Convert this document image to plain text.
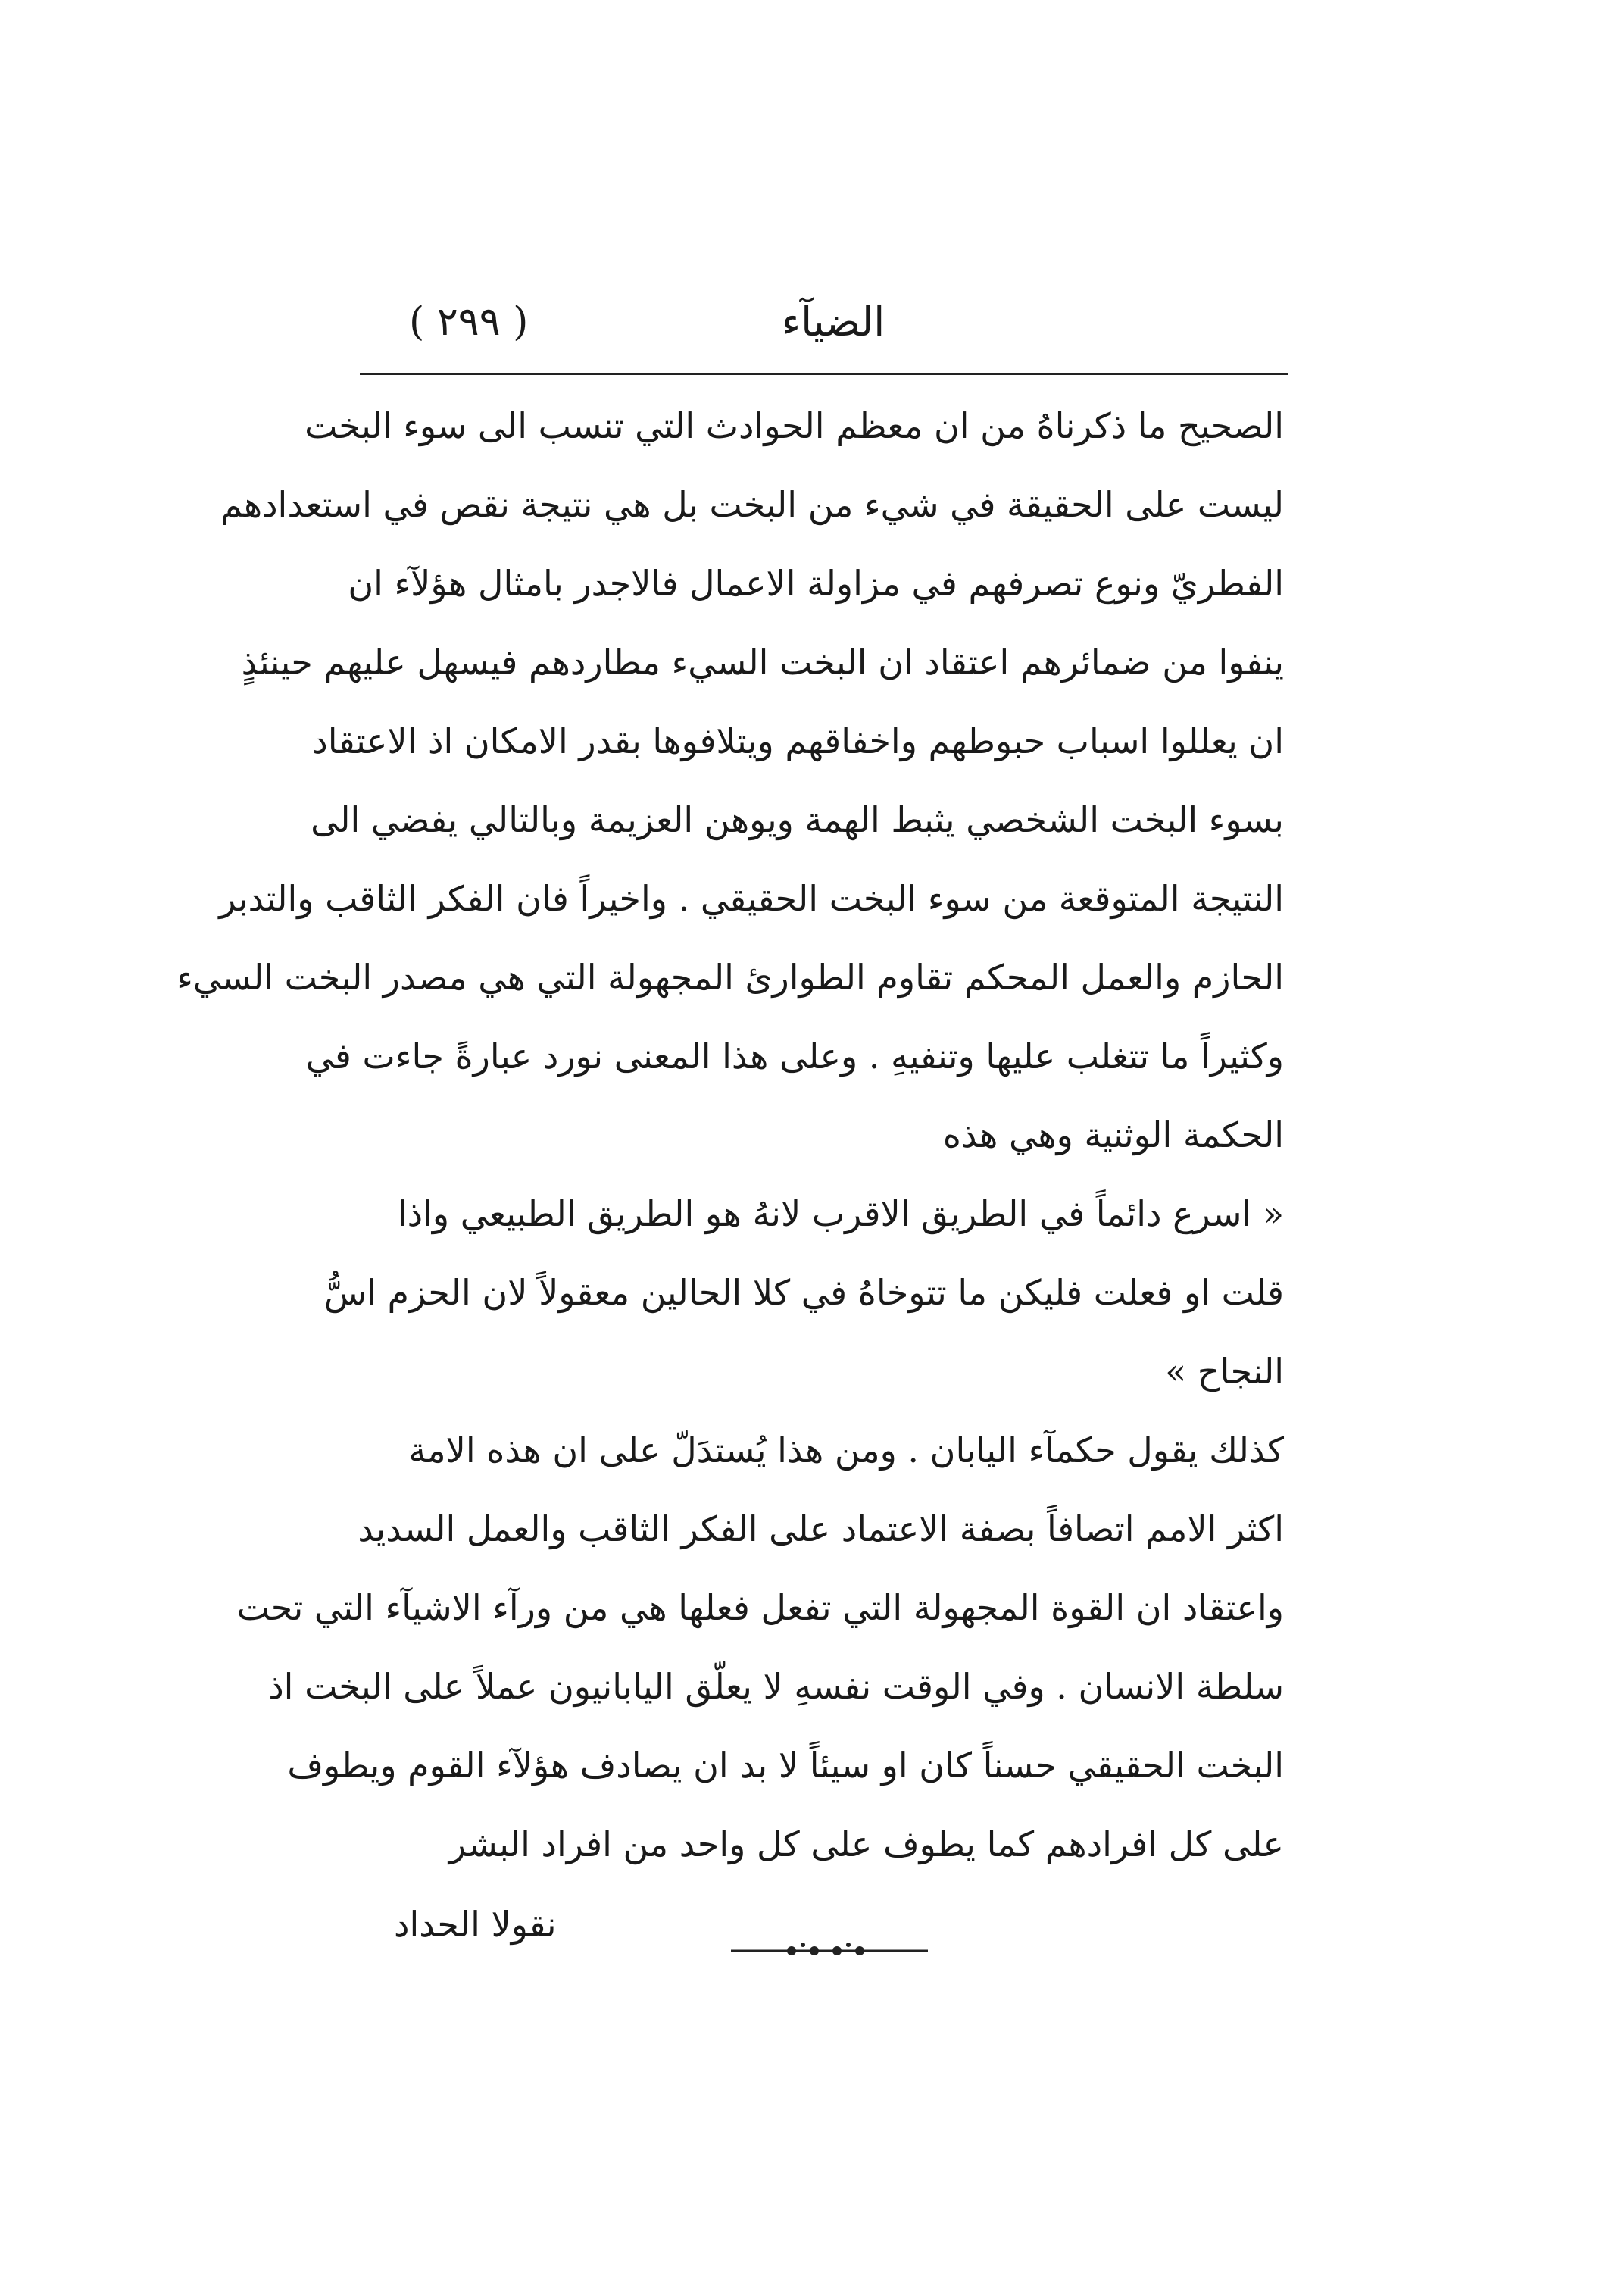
الضيآء
( ٢٩٩ )
الصحيح ما ذكرناهُ من ان معظم الحوادث التي تنسب الى سوء البخت
ليست على الحقيقة في شيء من البخت بل هي نتيجة نقص في استعدادهم
الفطريّ ونوع تصرفهم في مزاولة الاعمال فالاجدر بامثال هؤلآء ان
ينفوا من ضمائرهم اعتقاد ان البخت السيء مطاردهم فيسهل عليهم حينئذٍ
ان يعللوا اسباب حبوطهم واخفاقهم ويتلافوها بقدر الامكان اذ الاعتقاد
بسوء البخت الشخصي يثبط الهمة ويوهن العزيمة وبالتالي يفضي الى
النتيجة المتوقعة من سوء البخت الحقيقي . واخيراً فان الفكر الثاقب والتدبر
الحازم والعمل المحكم تقاوم الطوارئ المجهولة التي هي مصدر البخت السيء
وكثيراً ما تتغلب عليها وتنفيهِ . وعلى هذا المعنى نورد عبارةً جاءت في
الحكمة الوثنية وهي هذه
« اسرع دائماً في الطريق الاقرب لانهُ هو الطريق الطبيعي واذا
قلت او فعلت فليكن ما تتوخاهُ في كلا الحالين معقولاً لان الحزم اسُّ
النجاح »
كذلك يقول حكمآء اليابان . ومن هذا يُستدَلّ على ان هذه الامة
اكثر الامم اتصافاً بصفة الاعتماد على الفكر الثاقب والعمل السديد
واعتقاد ان القوة المجهولة التي تفعل فعلها هي من ورآء الاشيآء التي تحت
سلطة الانسان . وفي الوقت نفسهِ لا يعلّق اليابانيون عملاً على البخت اذ
البخت الحقيقي حسناً كان او سيئاً لا بد ان يصادف هؤلآء القوم ويطوف
على كل افرادهم كما يطوف على كل واحد من افراد البشر
نقولا الحداد
